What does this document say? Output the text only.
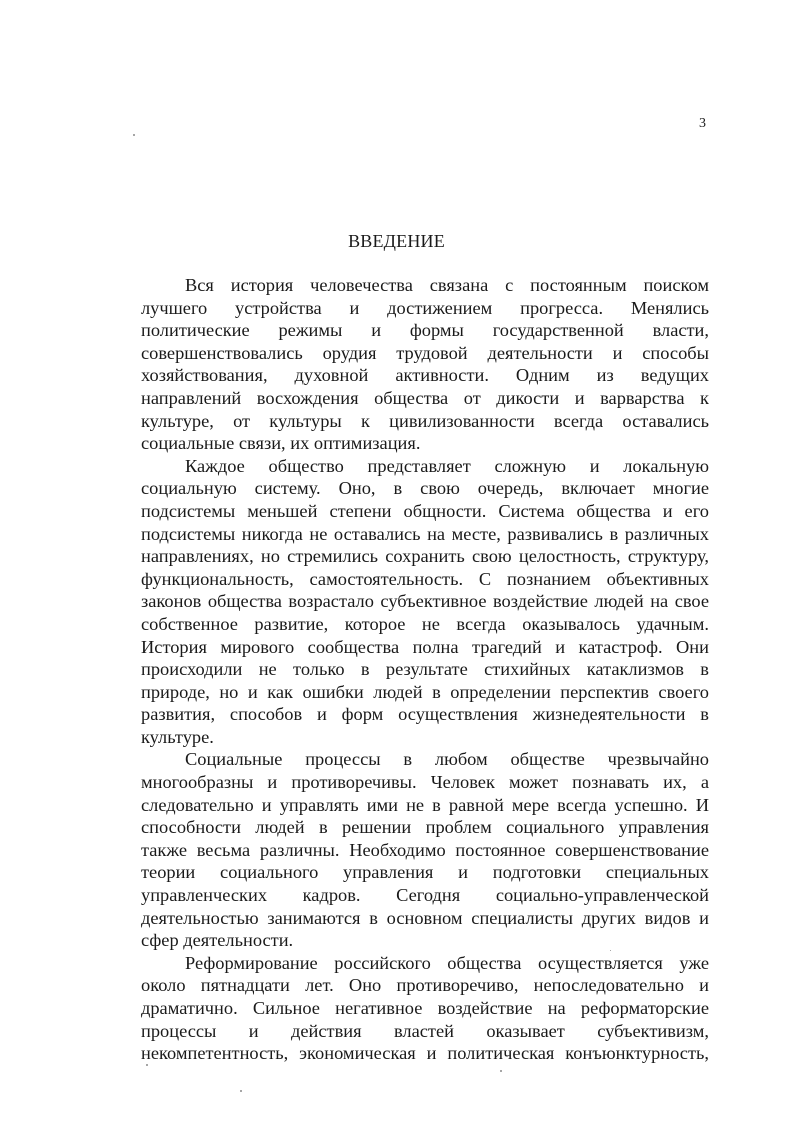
3
ВВЕДЕНИЕ

Вся история человечества связана с постоянным поиском
лучшего устройства и достижением прогресса. Менялись
политические режимы и формы государственной власти,
совершенствовались орудия трудовой деятельности и способы
хозяйствования, духовной активности. Одним из ведущих
направлений восхождения общества от дикости и варварства к
культуре, от культуры к цивилизованности всегда оставались
социальные связи, их оптимизация.

Каждое общество представляет сложную и локальную
социальную систему. Оно, в свою очередь, включает многие
подсистемы меньшей степени общности. Система общества и его
подсистемы никогда не оставались на месте, развивались в различных
направлениях, но стремились сохранить свою целостность, структуру,
функциональность, самостоятельность. С познанием объективных
законов общества возрастало субъективное воздействие людей на свое
собственное развитие, которое не всегда оказывалось удачным.
История мирового сообщества полна трагедий и катастроф. Они
происходили не только в результате стихийных катаклизмов в
природе, но и как ошибки людей в определении перспектив своего
развития, способов и форм осуществления жизнедеятельности в
культуре.

Социальные процессы в любом обществе чрезвычайно
многообразны и противоречивы. Человек может познавать их, а
следовательно и управлять ими не в равной мере всегда успешно. И
способности людей в решении проблем социального управления
также весьма различны. Необходимо постоянное совершенствование
теории социального управления и подготовки специальных
управленческих кадров. Сегодня социально-управленческой
деятельностью занимаются в основном специалисты других видов и
сфер деятельности.

Реформирование российского общества осуществляется уже
около пятнадцати лет. Оно противоречиво, непоследовательно и
драматично. Сильное негативное воздействие на реформаторские
процессы и действия властей оказывает субъективизм,
некомпетентность, экономическая и политическая конъюнктурность,
